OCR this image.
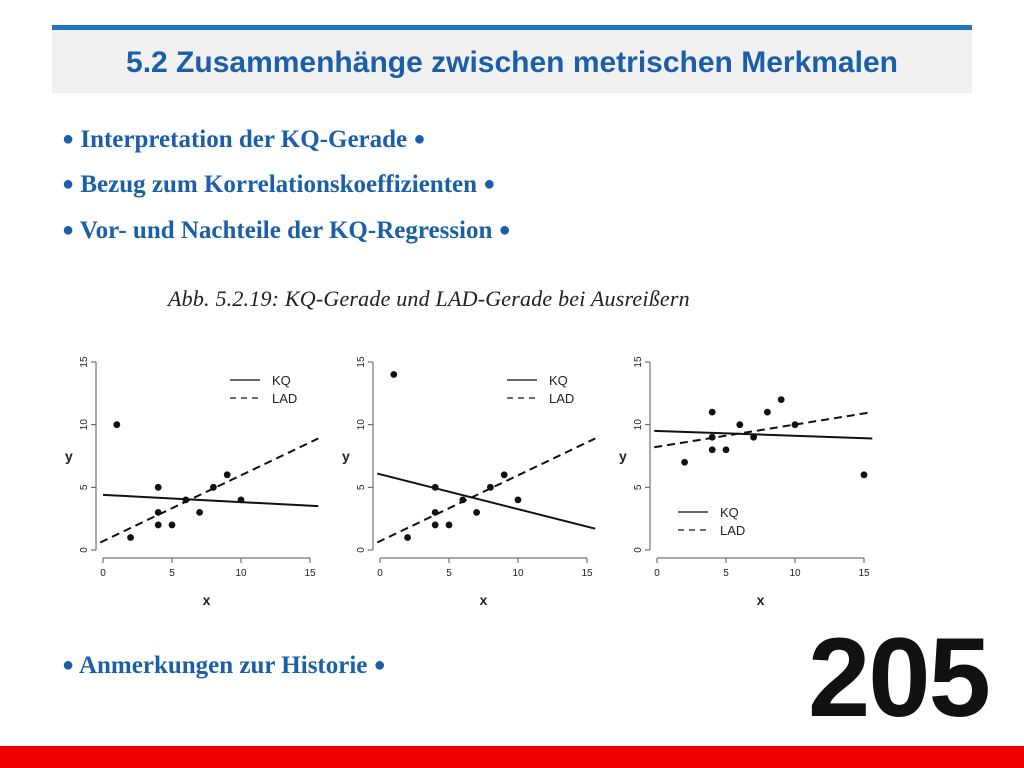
5.2 Zusammenhänge zwischen metrischen Merkmalen
● Interpretation der KQ-Gerade ●
● Bezug zum Korrelationskoeffizienten ●
● Vor- und Nachteile der KQ-Regression ●
Abb. 5.2.19: KQ-Gerade und LAD-Gerade bei Ausreißern
0
5
10
15
0	5	10	15
x
y
KQ
LAD
0
5
10
15
0	5	10	15
x
y
KQ
LAD
0
5
10
15
0	5	10	15
x
y
KQ
LAD
● Anmerkungen zur Historie ●	205
